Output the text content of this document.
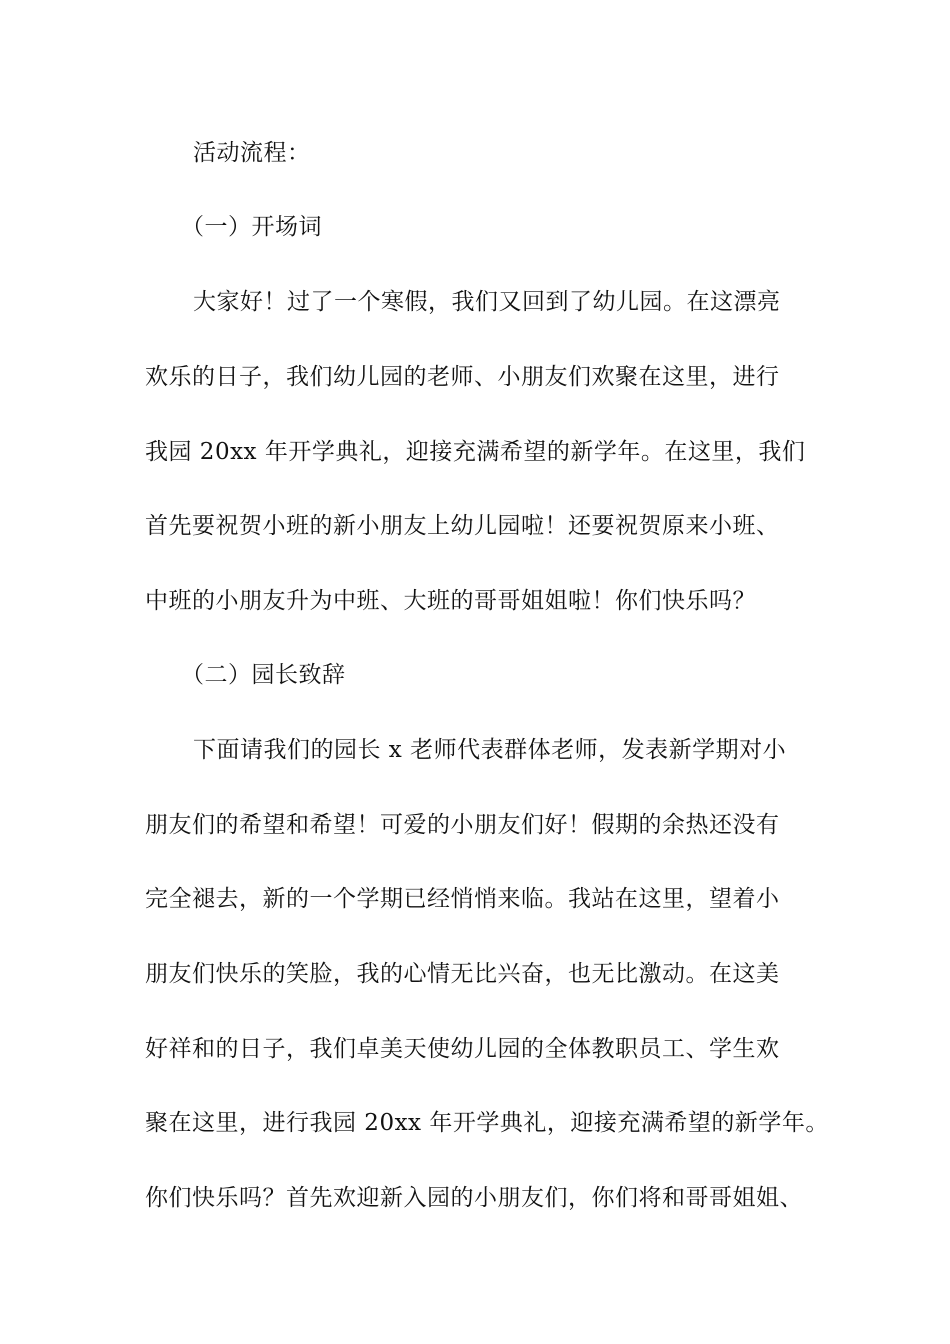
活动流程：
（一）开场词
大家好！过了一个寒假，我们又回到了幼儿园。在这漂亮
欢乐的日子，我们幼儿园的老师、小朋友们欢聚在这里，进行
我园 20xx 年开学典礼，迎接充满希望的新学年。在这里，我们
首先要祝贺小班的新小朋友上幼儿园啦！还要祝贺原来小班、
中班的小朋友升为中班、大班的哥哥姐姐啦！你们快乐吗？
（二）园长致辞
下面请我们的园长 x 老师代表群体老师，发表新学期对小
朋友们的希望和希望！可爱的小朋友们好！假期的余热还没有
完全褪去，新的一个学期已经悄悄来临。我站在这里，望着小
朋友们快乐的笑脸，我的心情无比兴奋，也无比激动。在这美
好祥和的日子，我们卓美天使幼儿园的全体教职员工、学生欢
聚在这里，进行我园 20xx 年开学典礼，迎接充满希望的新学年。
你们快乐吗？首先欢迎新入园的小朋友们，你们将和哥哥姐姐、
